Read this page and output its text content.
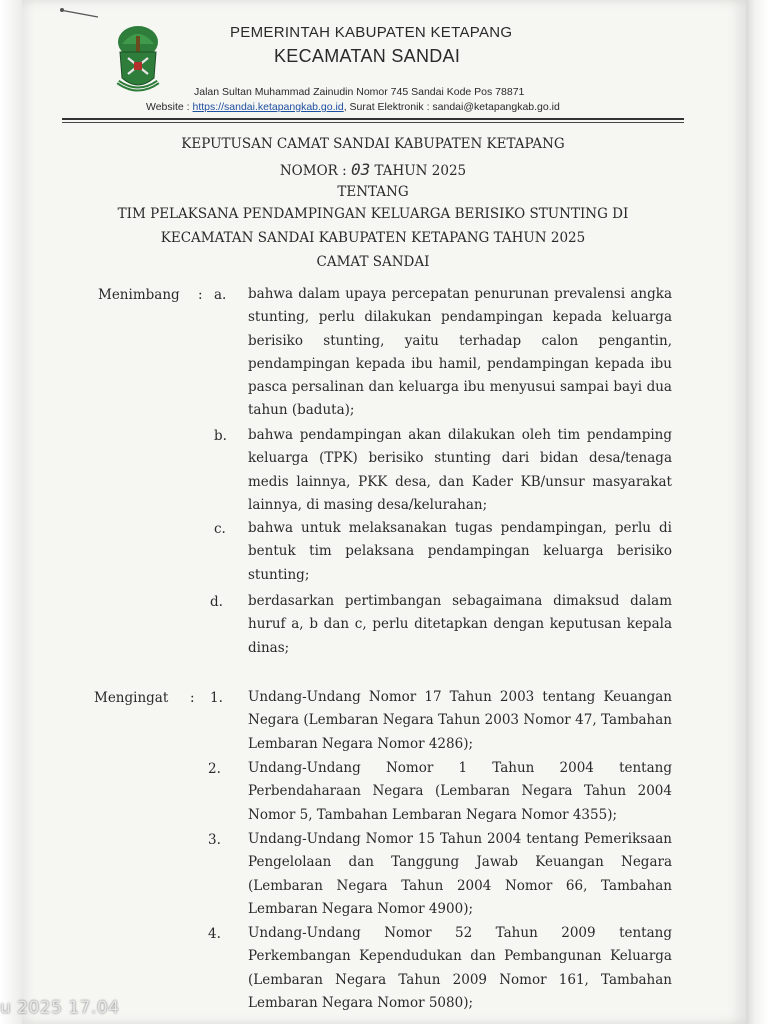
PEMERINTAH KABUPATEN KETAPANG
KECAMATAN SANDAI
Jalan Sultan Muhammad Zainudin Nomor 745 Sandai Kode Pos 78871
Website : https://sandai.ketapangkab.go.id, Surat Elektronik : sandai@ketapangkab.go.id
KEPUTUSAN CAMAT SANDAI KABUPATEN KETAPANG
NOMOR : 03 TAHUN 2025
TENTANG
TIM PELAKSANA PENDAMPINGAN KELUARGA BERISIKO STUNTING DI
KECAMATAN SANDAI KABUPATEN KETAPANG TAHUN 2025
CAMAT SANDAI
Menimbang : a. bahwa dalam upaya percepatan penurunan prevalensi angka stunting, perlu dilakukan pendampingan kepada keluarga berisiko stunting, yaitu terhadap calon pengantin, pendampingan kepada ibu hamil, pendampingan kepada ibu pasca persalinan dan keluarga ibu menyusui sampai bayi dua tahun (baduta);
b. bahwa pendampingan akan dilakukan oleh tim pendamping keluarga (TPK) berisiko stunting dari bidan desa/tenaga medis lainnya, PKK desa, dan Kader KB/unsur masyarakat lainnya, di masing desa/kelurahan;
c. bahwa untuk melaksanakan tugas pendampingan, perlu di bentuk tim pelaksana pendampingan keluarga berisiko stunting;
d. berdasarkan pertimbangan sebagaimana dimaksud dalam huruf a, b dan c, perlu ditetapkan dengan keputusan kepala dinas;
Mengingat : 1. Undang-Undang Nomor 17 Tahun 2003 tentang Keuangan Negara (Lembaran Negara Tahun 2003 Nomor 47, Tambahan Lembaran Negara Nomor 4286);
2. Undang-Undang Nomor 1 Tahun 2004 tentang Perbendaharaan Negara (Lembaran Negara Tahun 2004 Nomor 5, Tambahan Lembaran Negara Nomor 4355);
3. Undang-Undang Nomor 15 Tahun 2004 tentang Pemeriksaan Pengelolaan dan Tanggung Jawab Keuangan Negara (Lembaran Negara Tahun 2004 Nomor 66, Tambahan Lembaran Negara Nomor 4900);
4. Undang-Undang Nomor 52 Tahun 2009 tentang Perkembangan Kependudukan dan Pembangunan Keluarga (Lembaran Negara Tahun 2009 Nomor 161, Tambahan Lembaran Negara Nomor 5080);
u 2025 17.04
